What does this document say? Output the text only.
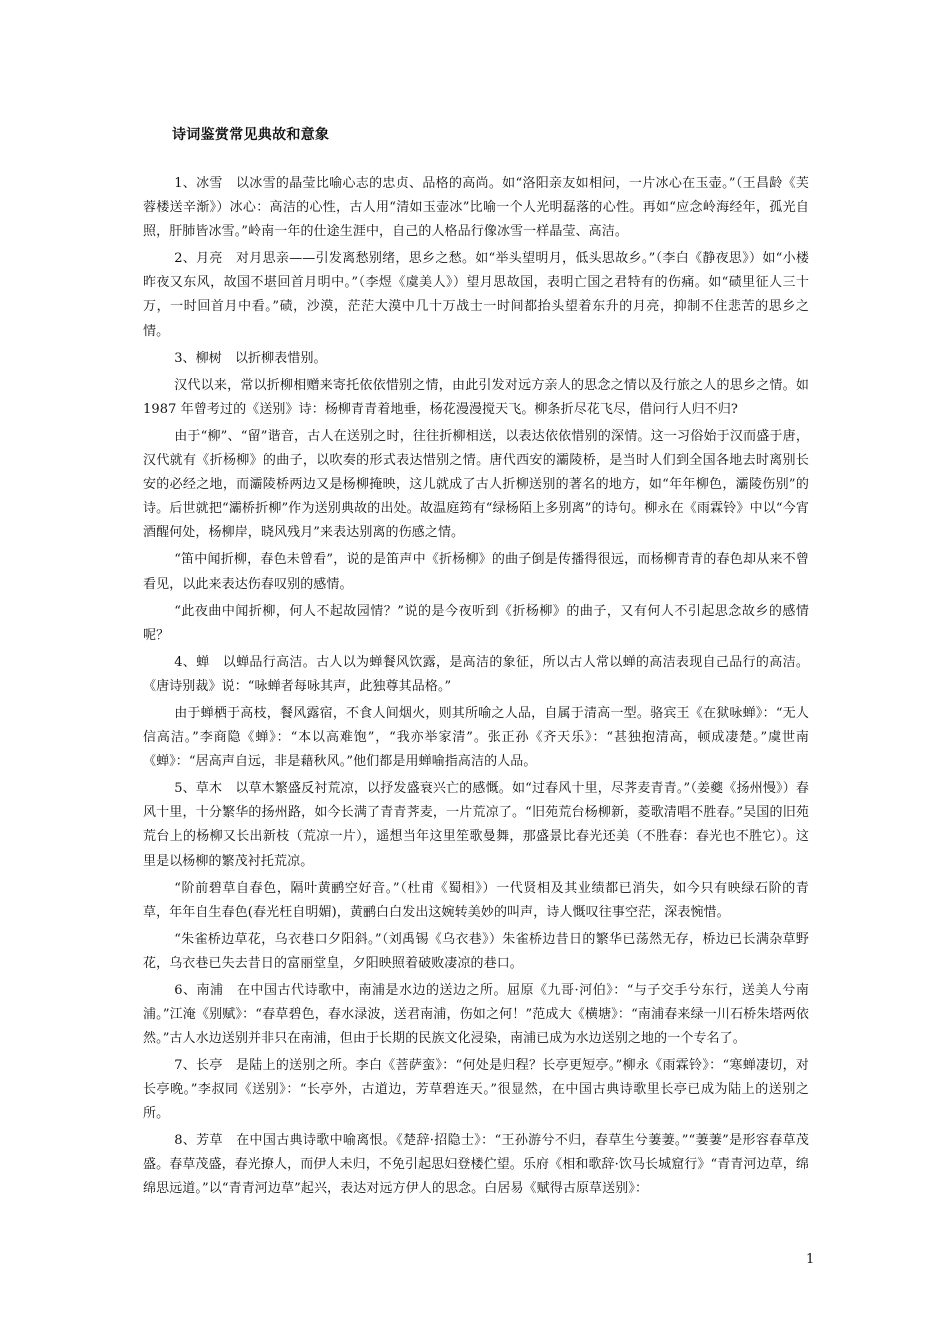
诗词鉴赏常见典故和意象

1、冰雪　以冰雪的晶莹比喻心志的忠贞、品格的高尚。如“洛阳亲友如相问，一片冰心在玉壶。”（王昌龄《芙蓉楼送辛渐》）冰心：高洁的心性，古人用“清如玉壶冰”比喻一个人光明磊落的心性。再如“应念岭海经年，孤光自照，肝肺皆冰雪。”岭南一年的仕途生涯中，自己的人格品行像冰雪一样晶莹、高洁。

2、月亮　对月思亲——引发离愁别绪，思乡之愁。如“举头望明月，低头思故乡。”（李白《静夜思》）如“小楼昨夜又东风，故国不堪回首月明中。”（李煜《虞美人》）望月思故国，表明亡国之君特有的伤痛。如“碛里征人三十万，一时回首月中看。”碛，沙漠，茫茫大漠中几十万战士一时间都抬头望着东升的月亮，抑制不住悲苦的思乡之情。

3、柳树　以折柳表惜别。

汉代以来，常以折柳相赠来寄托依依惜别之情，由此引发对远方亲人的思念之情以及行旅之人的思乡之情。如 1987 年曾考过的《送别》诗：杨柳青青着地垂，杨花漫漫搅天飞。柳条折尽花飞尽，借问行人归不归?

由于“柳”、“留”谐音，古人在送别之时，往往折柳相送，以表达依依惜别的深情。这一习俗始于汉而盛于唐，汉代就有《折杨柳》的曲子，以吹奏的形式表达惜别之情。唐代西安的灞陵桥，是当时人们到全国各地去时离别长安的必经之地，而灞陵桥两边又是杨柳掩映，这儿就成了古人折柳送别的著名的地方，如“年年柳色，灞陵伤别”的诗。后世就把“灞桥折柳”作为送别典故的出处。故温庭筠有“绿杨陌上多别离”的诗句。柳永在《雨霖铃》中以“今宵酒醒何处，杨柳岸，晓风残月”来表达别离的伤感之情。

“笛中闻折柳，春色未曾看”，说的是笛声中《折杨柳》的曲子倒是传播得很远，而杨柳青青的春色却从来不曾看见，以此来表达伤春叹别的感情。

“此夜曲中闻折柳，何人不起故园情？”说的是今夜听到《折杨柳》的曲子，又有何人不引起思念故乡的感情呢？

4、蝉　以蝉品行高洁。古人以为蝉餐风饮露，是高洁的象征，所以古人常以蝉的高洁表现自己品行的高洁。《唐诗别裁》说：“咏蝉者每咏其声，此独尊其品格。”

由于蝉栖于高枝，餐风露宿，不食人间烟火，则其所喻之人品，自属于清高一型。骆宾王《在狱咏蝉》：“无人信高洁。”李商隐《蝉》：“本以高难饱”，“我亦举家清”。张正孙《齐天乐》：“甚独抱清高，顿成凄楚。”虞世南《蝉》：“居高声自远，非是藉秋风。”他们都是用蝉喻指高洁的人品。

5、草木　以草木繁盛反衬荒凉，以抒发盛衰兴亡的感慨。如“过春风十里，尽荠麦青青。”（姜夔《扬州慢》）春风十里，十分繁华的扬州路，如今长满了青青荠麦，一片荒凉了。“旧苑荒台杨柳新，菱歌清唱不胜春。”吴国的旧苑荒台上的杨柳又长出新枝（荒凉一片），遥想当年这里笙歌曼舞，那盛景比春光还美（不胜春：春光也不胜它）。这里是以杨柳的繁茂衬托荒凉。

“阶前碧草自春色，隔叶黄鹂空好音。”（杜甫《蜀相》）一代贤相及其业绩都已消失，如今只有映绿石阶的青草，年年自生春色(春光枉自明媚)，黄鹂白白发出这婉转美妙的叫声，诗人慨叹往事空茫，深表惋惜。

“朱雀桥边草花，乌衣巷口夕阳斜。”（刘禹锡《乌衣巷》）朱雀桥边昔日的繁华已荡然无存，桥边已长满杂草野花，乌衣巷已失去昔日的富丽堂皇，夕阳映照着破败凄凉的巷口。

6、南浦　在中国古代诗歌中，南浦是水边的送边之所。屈原《九哥·河伯》：“与子交手兮东行，送美人兮南浦。”江淹《别赋》：“春草碧色，春水渌波，送君南浦，伤如之何！”范成大《横塘》：“南浦春来绿一川石桥朱塔两依然。”古人水边送别并非只在南浦，但由于长期的民族文化浸染，南浦已成为水边送别之地的一个专名了。

7、长亭　是陆上的送别之所。李白《菩萨蛮》：“何处是归程？长亭更短亭。”柳永《雨霖铃》：“寒蝉凄切，对长亭晚。”李叔同《送别》：“长亭外，古道边，芳草碧连天。”很显然，在中国古典诗歌里长亭已成为陆上的送别之所。

8、芳草　在中国古典诗歌中喻离恨。《楚辞·招隐士》：“王孙游兮不归，春草生兮萋萋。”“萋萋”是形容春草茂盛。春草茂盛，春光撩人，而伊人未归，不免引起思妇登楼伫望。乐府《相和歌辞·饮马长城窟行》“青青河边草，绵绵思远道。”以“青青河边草”起兴，表达对远方伊人的思念。白居易《赋得古原草送别》：

1
